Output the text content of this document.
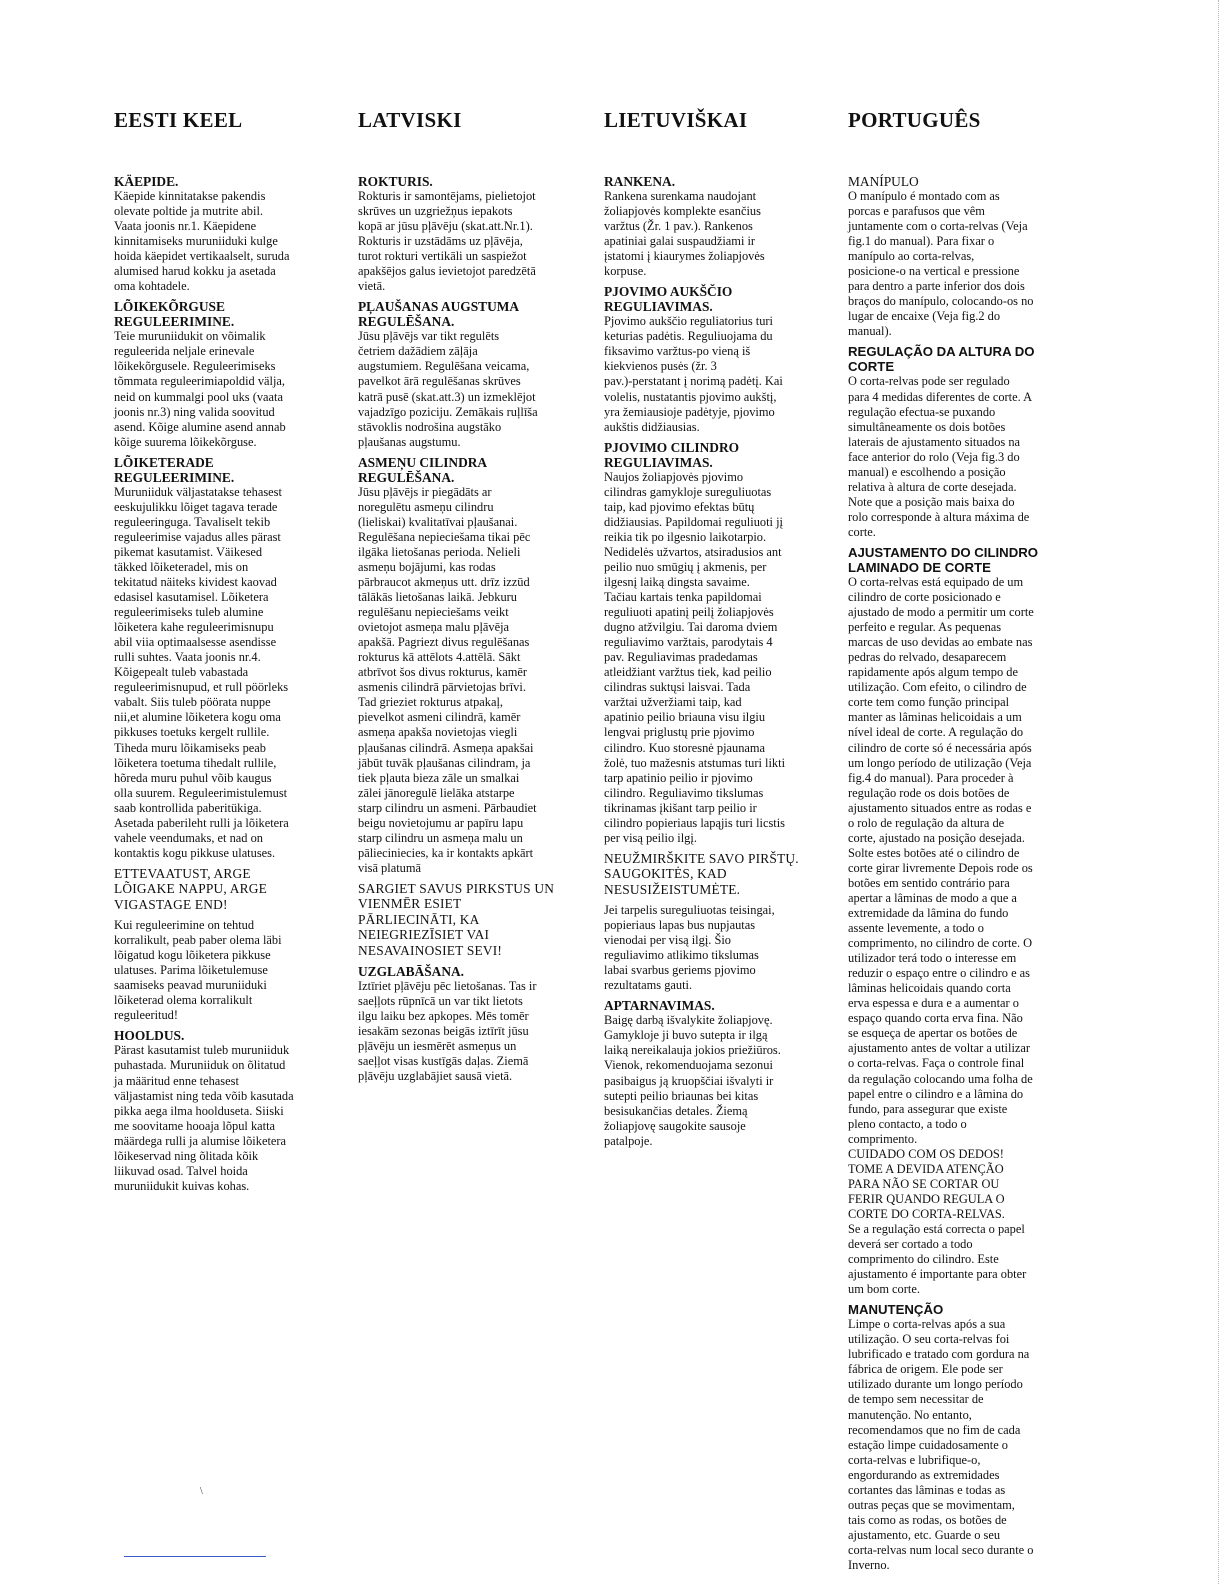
EESTI KEEL
KÄEPIDE.
Käepide kinnitatakse pakendis
olevate poltide ja mutrite abil.
Vaata joonis nr.1. Käepidene
kinnitamiseks muruniiduki kulge
hoida käepidet vertikaalselt, suruda
alumised harud kokku ja asetada
oma kohtadele.
LÕIKEKÕRGUSE
REGULEERIMINE.
Teie muruniidukit on võimalik
reguleerida neljale erinevale
lõikekõrgusele. Reguleerimiseks
tõmmata reguleerimiapoldid välja,
neid on kummalgi pool uks (vaata
joonis nr.3) ning valida soovitud
asend. Kõige alumine asend annab
kõige suurema lõikekõrguse.
LÕIKETERADE
REGULEERIMINE.
Muruniiduk väljastatakse tehasest
eeskujulikku lõiget tagava terade
reguleeringuga. Tavaliselt tekib
reguleerimise vajadus alles pärast
pikemat kasutamist. Väikesed
täkked lõiketeradel, mis on
tekitatud näiteks kividest kaovad
edasisel kasutamisel. Lõiketera
reguleerimiseks tuleb alumine
lõiketera kahe reguleerimisnupu
abil viia optimaalsesse asendisse
rulli suhtes. Vaata joonis nr.4.
Kõigepealt tuleb vabastada
reguleerimisnupud, et rull pöörleks
vabalt. Siis tuleb pöörata nuppe
nii,et alumine lõiketera kogu oma
pikkuses toetuks kergelt rullile.
Tiheda muru lõikamiseks peab
lõiketera toetuma tihedalt rullile,
hõreda muru puhul võib kaugus
olla suurem. Reguleerimistulemust
saab kontrollida paberitükiga.
Asetada paberileht rulli ja lõiketera
vahele veendumaks, et nad on
kontaktis kogu pikkuse ulatuses.
ETTEVAATUST, ARGE
LÕIGAKE NAPPU, ARGE
VIGASTAGE END!
Kui reguleerimine on tehtud
korralikult, peab paber olema läbi
lõigatud kogu lõiketera pikkuse
ulatuses. Parima lõiketulemuse
saamiseks peavad muruniiduki
lõiketerad olema korralikult
reguleeritud!
HOOLDUS.
Pärast kasutamist tuleb muruniiduk
puhastada. Muruniiduk on õlitatud
ja määritud enne tehasest
väljastamist ning teda võib kasutada
pikka aega ilma hoolduseta. Siiski
me soovitame hooaja lõpul katta
määrdega rulli ja alumise lõiketera
lõikeservad ning õlitada kõik
liikuvad osad. Talvel hoida
muruniidukit kuivas kohas.
LATVISKI
ROKTURIS.
Rokturis ir samontējams, pielietojot
skrūves un uzgriežņus iepakots
kopā ar jūsu pļāvēju (skat.att.Nr.1).
Rokturis ir uzstādāms uz pļāvēja,
turot rokturi vertikāli un saspiežot
apakšējos galus ievietojot paredzētā
vietā.
PĻAUŠANAS AUGSTUMA
REGULĒŠANA.
Jūsu pļāvējs var tikt regulēts
četriem dažādiem zāļāja
augstumiem. Regulēšana veicama,
pavelkot ārā regulēšanas skrūves
katrā pusē (skat.att.3) un izmeklējot
vajadzīgo poziciju. Zemākais ruļlīša
stāvoklis nodrošina augstāko
pļaušanas augstumu.
ASMEŅU CILINDRA
REGULĒŠANA.
Jūsu pļāvējs ir piegādāts ar
noregulētu asmeņu cilindru
(lieliskai) kvalitatīvai pļaušanai.
Regulēšana nepieciešama tikai pēc
ilgāka lietošanas perioda. Nelieli
asmeņu bojājumi, kas rodas
pārbraucot akmeņus utt. drīz izzūd
tālākās lietošanas laikā. Jebkuru
regulēšanu nepieciešams veikt
ovietojot asmeņa malu pļāvēja
apakšā. Pagriezt divus regulēšanas
rokturus kā attēlots 4.attēlā. Sākt
atbrīvot šos divus rokturus, kamēr
asmenis cilindrā pārvietojas brīvi.
Tad grieziet rokturus atpakaļ,
pievelkot asmeni cilindrā, kamēr
asmeņa apakša novietojas viegli
pļaušanas cilindrā. Asmeņa apakšai
jābūt tuvāk pļaušanas cilindram, ja
tiek pļauta bieza zāle un smalkai
zālei jānoregulē lielāka atstarpe
starp cilindru un asmeni. Pārbaudiet
beigu novietojumu ar papīru lapu
starp cilindru un asmeņa malu un
pālieciniecies, ka ir kontakts apkārt
visā platumā
SARGIET SAVUS PIRKSTUS UN
VIENMĒR ESIET
PĀRLIECINĀTI, KA
NEIEGRIEZĪSIET VAI
NESAVAINOSIET SEVI!
UZGLABĀŠANA.
Iztīriet pļāvēju pēc lietošanas. Tas ir
saeļļots rūpnīcā un var tikt lietots
ilgu laiku bez apkopes. Mēs tomēr
iesakām sezonas beigās iztīrīt jūsu
pļāvēju un iesmērēt asmeņus un
saeļļot visas kustīgās daļas. Ziemā
pļāvēju uzglabājiet sausā vietā.
LIETUVIŠKAI
RANKENA.
Rankena surenkama naudojant
žoliapjovės komplekte esančius
varžtus (Žr. 1 pav.). Rankenos
apatiniai galai suspaudžiami ir
įstatomi į kiaurymes žoliapjovės
korpuse.
PJOVIMO AUKŠČIO
REGULIAVIMAS.
Pjovimo aukščio reguliatorius turi
keturias padėtis. Reguliuojama du
fiksavimo varžtus-po vieną iš
kiekvienos pusės (žr. 3
pav.)-perstatant į norimą padėtį. Kai
volelis, nustatantis pjovimo aukštį,
yra žemiausioje padėtyje, pjovimo
aukštis didžiausias.
PJOVIMO CILINDRO
REGULIAVIMAS.
Naujos žoliapjovės pjovimo
cilindras gamykloje sureguliuotas
taip, kad pjovimo efektas būtų
didžiausias. Papildomai reguliuoti jį
reikia tik po ilgesnio laikotarpio.
Nedidelės užvartos, atsiradusios ant
peilio nuo smūgių į akmenis, per
ilgesnį laiką dingsta savaime.
Tačiau kartais tenka papildomai
reguliuoti apatinį peilį žoliapjovės
dugno atžvilgiu. Tai daroma dviem
reguliavimo varžtais, parodytais 4
pav. Reguliavimas pradedamas
atleidžiant varžtus tiek, kad peilio
cilindras suktųsi laisvai. Tada
varžtai užveržiami taip, kad
apatinio peilio briauna visu ilgiu
lengvai priglustų prie pjovimo
cilindro. Kuo storesnė pjaunama
žolė, tuo mažesnis atstumas turi likti
tarp apatinio peilio ir pjovimo
cilindro. Reguliavimo tikslumas
tikrinamas įkišant tarp peilio ir
cilindro popieriaus lapąjis turi licstis
per visą peilio ilgį.
NEUŽMIRŠKITE SAVO PIRŠTŲ.
SAUGOKITĖS, KAD
NESUSIŽEISTUMĖTE.
Jei tarpelis sureguliuotas teisingai,
popieriaus lapas bus nupjautas
vienodai per visą ilgį. Šio
reguliavimo atlikimo tikslumas
labai svarbus geriems pjovimo
rezultatams gauti.
APTARNAVIMAS.
Baigę darbą išvalykite žoliapjovę.
Gamykloje ji buvo sutepta ir ilgą
laiką nereikalauja jokios priežiūros.
Vienok, rekomenduojama sezonui
pasibaigus ją kruopščiai išvalyti ir
sutepti peilio briaunas bei kitas
besisukančias detales. Žiemą
žoliapjovę saugokite sausoje
patalpoje.
PORTUGUÊS
MANÍPULO
O manípulo é montado com as
porcas e parafusos que vêm
juntamente com o corta-relvas (Veja
fig.1 do manual). Para fixar o
manípulo ao corta-relvas,
posicione-o na vertical e pressione
para dentro a parte inferior dos dois
braços do manípulo, colocando-os no
lugar de encaixe (Veja fig.2 do
manual).
REGULAÇÃO DA ALTURA DO
CORTE
O corta-relvas pode ser regulado
para 4 medidas diferentes de corte. A
regulação efectua-se puxando
simultâneamente os dois botões
laterais de ajustamento situados na
face anterior do rolo (Veja fig.3 do
manual) e escolhendo a posição
relativa à altura de corte desejada.
Note que a posição mais baixa do
rolo corresponde à altura máxima de
corte.
AJUSTAMENTO DO CILINDRO
LAMINADO DE CORTE
O corta-relvas está equipado de um
cilindro de corte posicionado e
ajustado de modo a permitir um corte
perfeito e regular. As pequenas
marcas de uso devidas ao embate nas
pedras do relvado, desaparecem
rapidamente após algum tempo de
utilização. Com efeito, o cilindro de
corte tem como função principal
manter as lâminas helicoidais a um
nível ideal de corte. A regulação do
cilindro de corte só é necessária após
um longo período de utilização (Veja
fig.4 do manual). Para proceder à
regulação rode os dois botões de
ajustamento situados entre as rodas e
o rolo de regulação da altura de
corte, ajustado na posição desejada.
Solte estes botões até o cilindro de
corte girar livremente Depois rode os
botões em sentido contrário para
apertar a lâminas de modo a que a
extremidade da lâmina do fundo
assente levemente, a todo o
comprimento, no cilindro de corte. O
utilizador terá todo o interesse em
reduzir o espaço entre o cilindro e as
lâminas helicoidais quando corta
erva espessa e dura e a aumentar o
espaço quando corta erva fina. Não
se esqueça de apertar os botões de
ajustamento antes de voltar a utilizar
o corta-relvas. Faça o controle final
da regulação colocando uma folha de
papel entre o cilindro e a lâmina do
fundo, para assegurar que existe
pleno contacto, a todo o
comprimento.
CUIDADO COM OS DEDOS!
TOME A DEVIDA ATENÇÃO
PARA NÃO SE CORTAR OU
FERIR QUANDO REGULA O
CORTE DO CORTA-RELVAS.
Se a regulação está correcta o papel
deverá ser cortado a todo
comprimento do cilindro. Este
ajustamento é importante para obter
um bom corte.
MANUTENÇÃO
Limpe o corta-relvas após a sua
utilização. O seu corta-relvas foi
lubrificado e tratado com gordura na
fábrica de origem. Ele pode ser
utilizado durante um longo período
de tempo sem necessitar de
manutenção. No entanto,
recomendamos que no fim de cada
estação limpe cuidadosamente o
corta-relvas e lubrifique-o,
engordurando as extremidades
cortantes das lâminas e todas as
outras peças que se movimentam,
tais como as rodas, os botões de
ajustamento, etc. Guarde o seu
corta-relvas num local seco durante o
Inverno.
\
